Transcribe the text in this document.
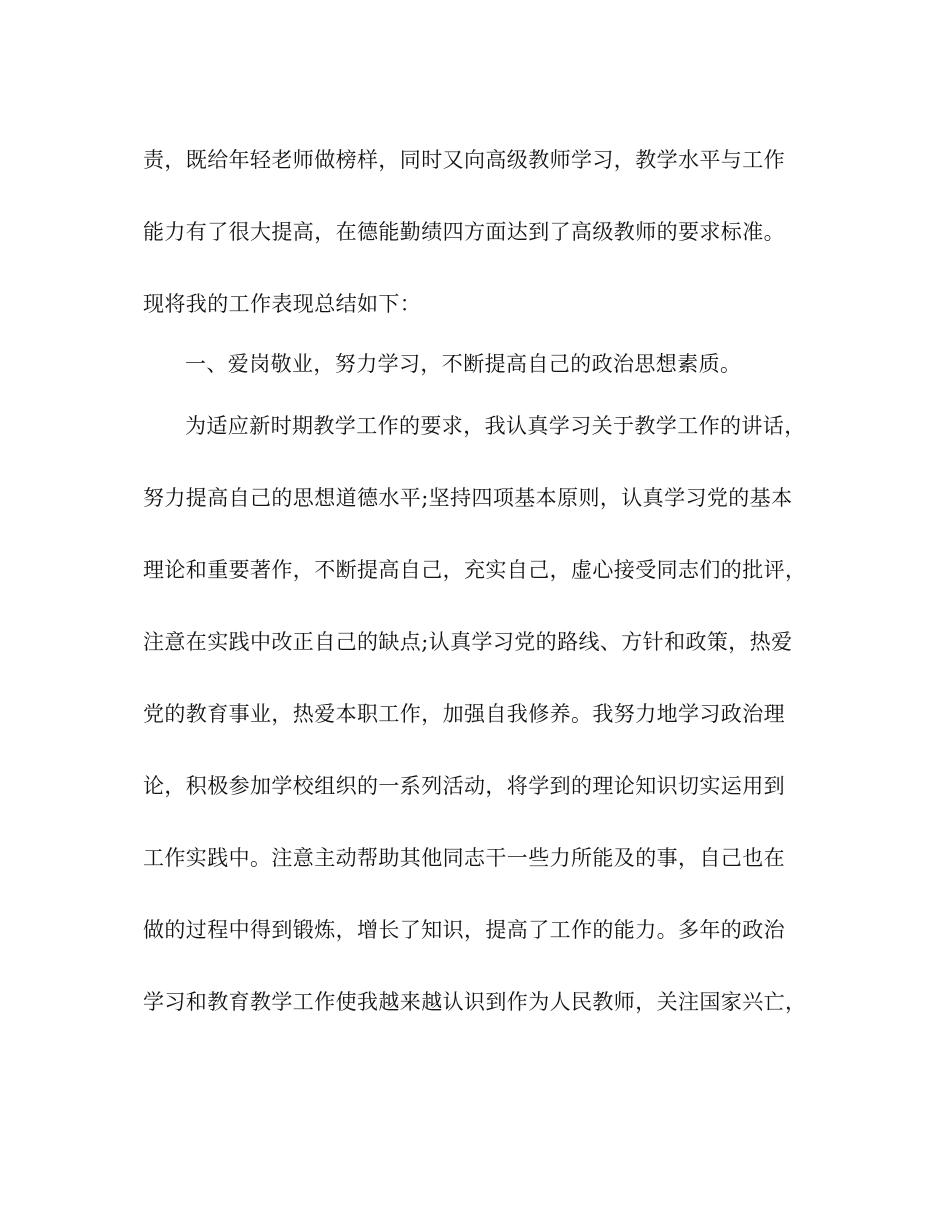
责，既给年轻老师做榜样，同时又向高级教师学习，教学水平与工作
能力有了很大提高，在德能勤绩四方面达到了高级教师的要求标准。
现将我的工作表现总结如下：
一、爱岗敬业，努力学习，不断提高自己的政治思想素质。
为适应新时期教学工作的要求，我认真学习关于教学工作的讲话，
努力提高自己的思想道德水平;坚持四项基本原则，认真学习党的基本
理论和重要著作，不断提高自己，充实自己，虚心接受同志们的批评，
注意在实践中改正自己的缺点;认真学习党的路线、方针和政策，热爱
党的教育事业，热爱本职工作，加强自我修养。我努力地学习政治理
论，积极参加学校组织的一系列活动，将学到的理论知识切实运用到
工作实践中。注意主动帮助其他同志干一些力所能及的事，自己也在
做的过程中得到锻炼，增长了知识，提高了工作的能力。多年的政治
学习和教育教学工作使我越来越认识到作为人民教师，关注国家兴亡，
